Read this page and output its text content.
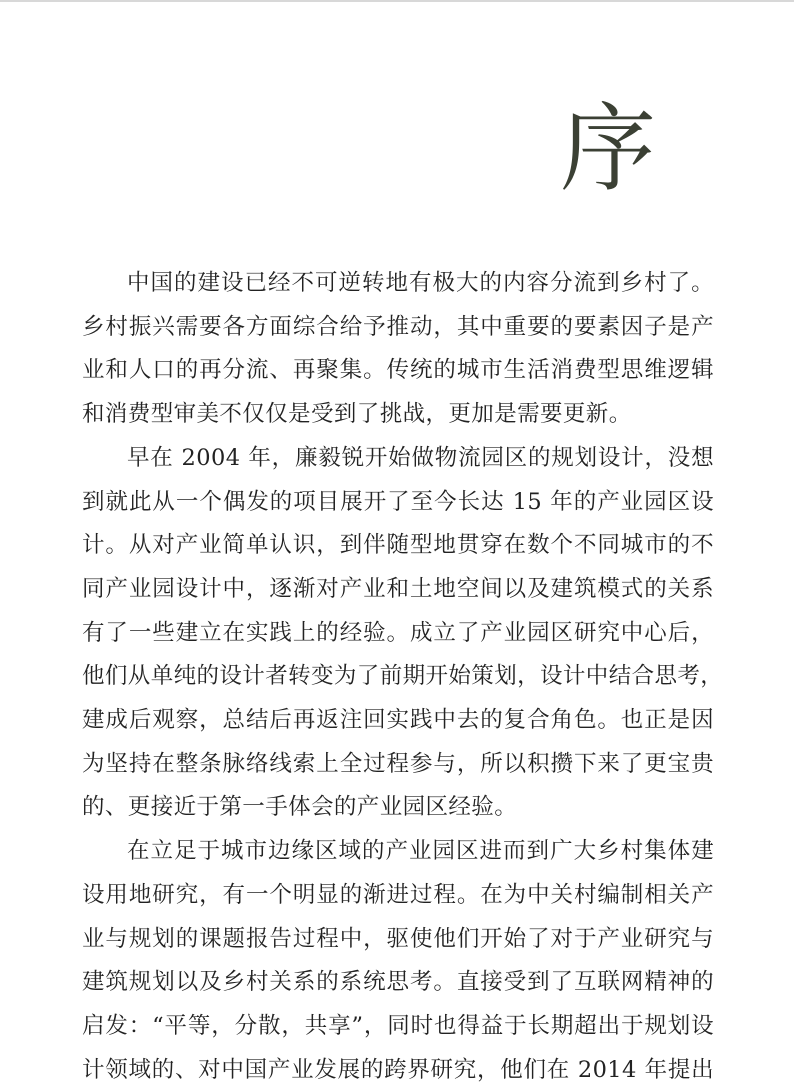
序

中国的建设已经不可逆转地有极大的内容分流到乡村了。
乡村振兴需要各方面综合给予推动，其中重要的要素因子是产
业和人口的再分流、再聚集。传统的城市生活消费型思维逻辑
和消费型审美不仅仅是受到了挑战，更加是需要更新。

早在 2004 年，廉毅锐开始做物流园区的规划设计，没想
到就此从一个偶发的项目展开了至今长达 15 年的产业园区设
计。从对产业简单认识，到伴随型地贯穿在数个不同城市的不
同产业园设计中，逐渐对产业和土地空间以及建筑模式的关系
有了一些建立在实践上的经验。成立了产业园区研究中心后，
他们从单纯的设计者转变为了前期开始策划，设计中结合思考，
建成后观察，总结后再返注回实践中去的复合角色。也正是因
为坚持在整条脉络线索上全过程参与，所以积攒下来了更宝贵
的、更接近于第一手体会的产业园区经验。

在立足于城市边缘区域的产业园区进而到广大乡村集体建
设用地研究，有一个明显的渐进过程。在为中关村编制相关产
业与规划的课题报告过程中，驱使他们开始了对于产业研究与
建筑规划以及乡村关系的系统思考。直接受到了互联网精神的
启发：“平等，分散，共享”，同时也得益于长期超出于规划设
计领域的、对中国产业发展的跨界研究，他们在 2014 年提出
